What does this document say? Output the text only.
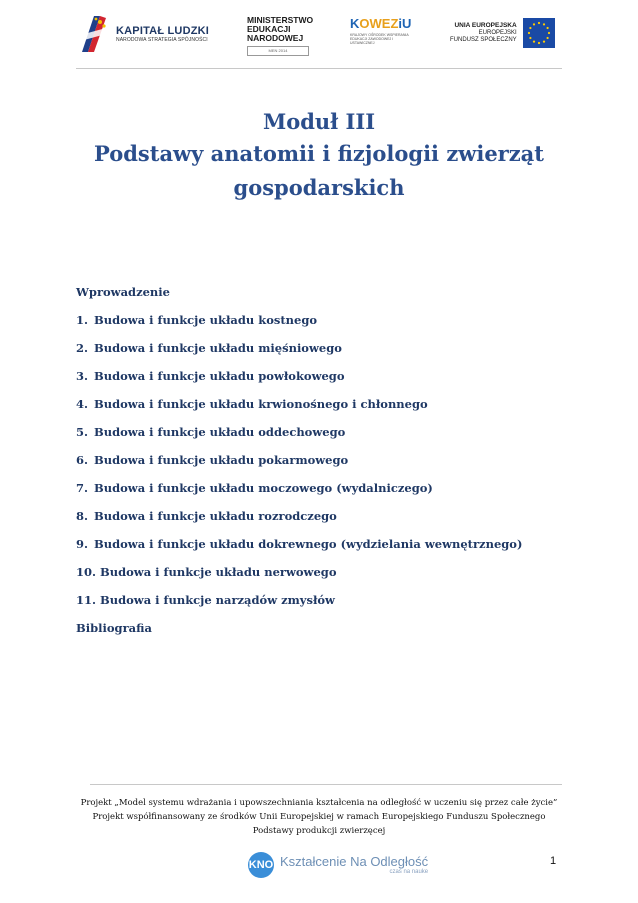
KAPITAŁ LUDZKI
NARODOWA STRATEGIA SPÓJNOŚCI
MINISTERSTWO
EDUKACJI
NARODOWEJ
MEN 2014
KOWEZiU
KRAJOWY OŚRODEK WSPIERANIA EDUKACJI ZAWODOWEJ I USTAWICZNEJ
UNIA EUROPEJSKA
EUROPEJSKI
FUNDUSZ SPOŁECZNY
Moduł III
Podstawy anatomii i fizjologii zwierząt
gospodarskich
Wprowadzenie
1. Budowa i funkcje układu kostnego
2. Budowa i funkcje układu mięśniowego
3. Budowa i funkcje układu powłokowego
4. Budowa i funkcje układu krwionośnego i chłonnego
5. Budowa i funkcje układu oddechowego
6. Budowa i funkcje układu pokarmowego
7. Budowa i funkcje układu moczowego (wydalniczego)
8. Budowa i funkcje układu rozrodczego
9. Budowa i funkcje układu dokrewnego (wydzielania wewnętrznego)
10. Budowa i funkcje układu nerwowego
11. Budowa i funkcje narządów zmysłów
Bibliografia
Projekt „Model systemu wdrażania i upowszechniania kształcenia na odległość w uczeniu się przez całe życie”
Projekt współfinansowany ze środków Unii Europejskiej w ramach Europejskiego Funduszu Społecznego
Podstawy produkcji zwierzęcej
KNO Kształcenie Na Odległość
czas na nauke
1
